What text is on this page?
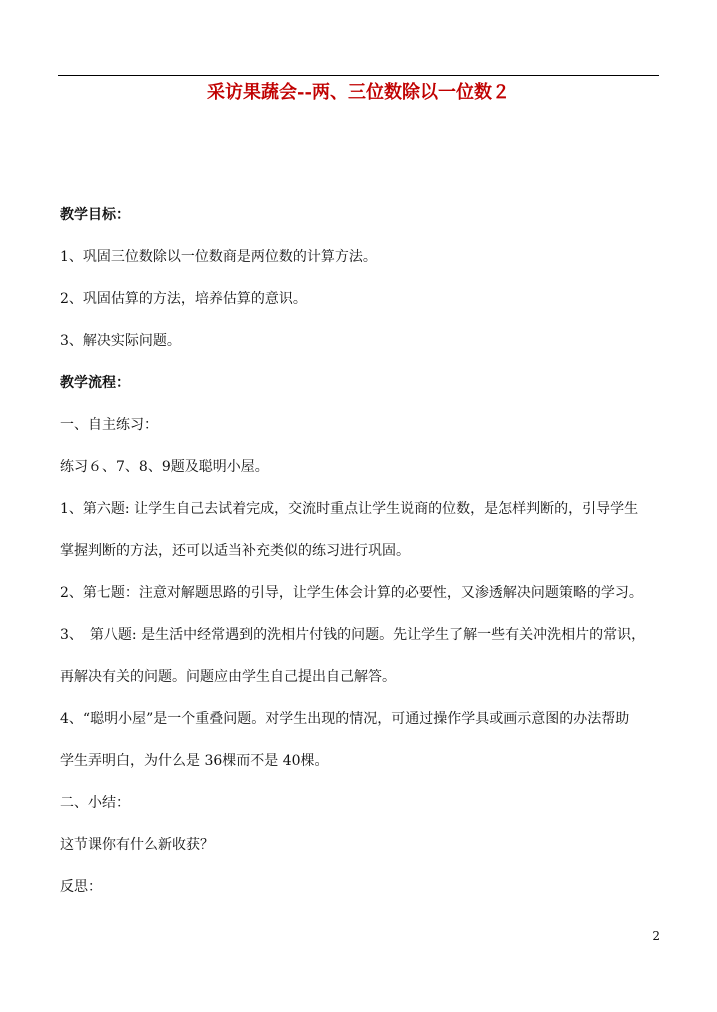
采访果蔬会--两、三位数除以一位数２
教学目标：
1、巩固三位数除以一位数商是两位数的计算方法。
2、巩固估算的方法，培养估算的意识。
3、解决实际问题。
教学流程：
一、自主练习：
练习６、7、8、9题及聪明小屋。
1、第六题: 让学生自己去试着完成，交流时重点让学生说商的位数，是怎样判断的，引导学生
掌握判断的方法，还可以适当补充类似的练习进行巩固。
2、第七题：注意对解题思路的引导，让学生体会计算的必要性，又渗透解决问题策略的学习。
3、　第八题: 是生活中经常遇到的洗相片付钱的问题。先让学生了解一些有关冲洗相片的常识，
再解决有关的问题。问题应由学生自己提出自己解答。
4、“聪明小屋”是一个重叠问题。对学生出现的情况，可通过操作学具或画示意图的办法帮助
学生弄明白，为什么是 36棵而不是 40棵。
二、小结：
这节课你有什么新收获？
反思：
2
